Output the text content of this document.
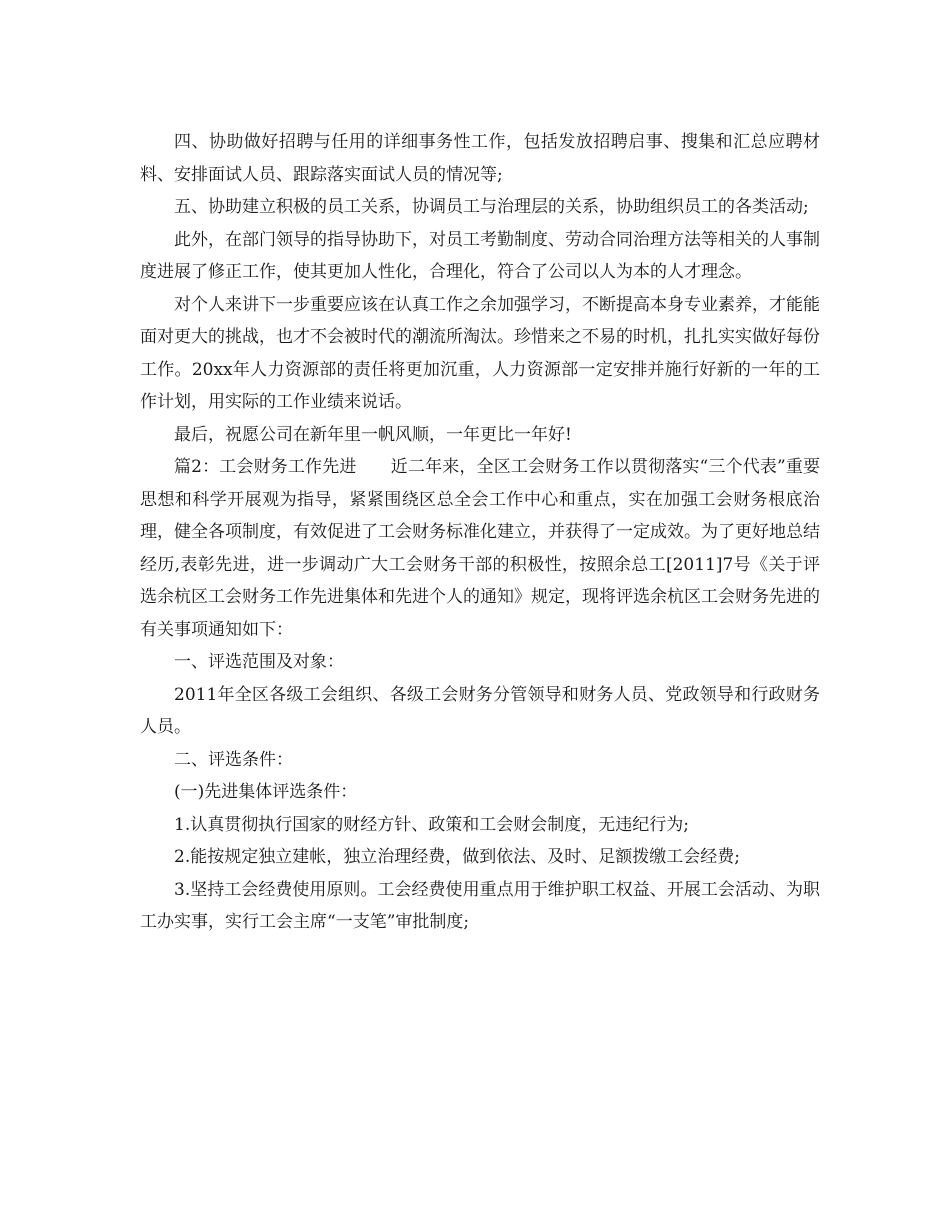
四、协助做好招聘与任用的详细事务性工作，包括发放招聘启事、搜集和汇总应聘材料、安排面试人员、跟踪落实面试人员的情况等;

五、协助建立积极的员工关系，协调员工与治理层的关系，协助组织员工的各类活动;

此外，在部门领导的指导协助下，对员工考勤制度、劳动合同治理方法等相关的人事制度进展了修正工作，使其更加人性化，合理化，符合了公司以人为本的人才理念。

对个人来讲下一步重要应该在认真工作之余加强学习，不断提高本身专业素养，才能能面对更大的挑战，也才不会被时代的潮流所淘汰。珍惜来之不易的时机，扎扎实实做好每份工作。20xx年人力资源部的责任将更加沉重，人力资源部一定安排并施行好新的一年的工作计划，用实际的工作业绩来说话。

最后，祝愿公司在新年里一帆风顺，一年更比一年好!

篇2：工会财务工作先进　　近二年来，全区工会财务工作以贯彻落实“三个代表”重要思想和科学开展观为指导，紧紧围绕区总全会工作中心和重点，实在加强工会财务根底治理，健全各项制度，有效促进了工会财务标准化建立，并获得了一定成效。为了更好地总结经历,表彰先进，进一步调动广大工会财务干部的积极性，按照余总工[2011]7号《关于评选余杭区工会财务工作先进集体和先进个人的通知》规定，现将评选余杭区工会财务先进的有关事项通知如下：

一、评选范围及对象：

2011年全区各级工会组织、各级工会财务分管领导和财务人员、党政领导和行政财务人员。

二、评选条件：

(一)先进集体评选条件：

1.认真贯彻执行国家的财经方针、政策和工会财会制度，无违纪行为;

2.能按规定独立建帐，独立治理经费，做到依法、及时、足额拨缴工会经费;

3.坚持工会经费使用原则。工会经费使用重点用于维护职工权益、开展工会活动、为职工办实事，实行工会主席“一支笔”审批制度;
